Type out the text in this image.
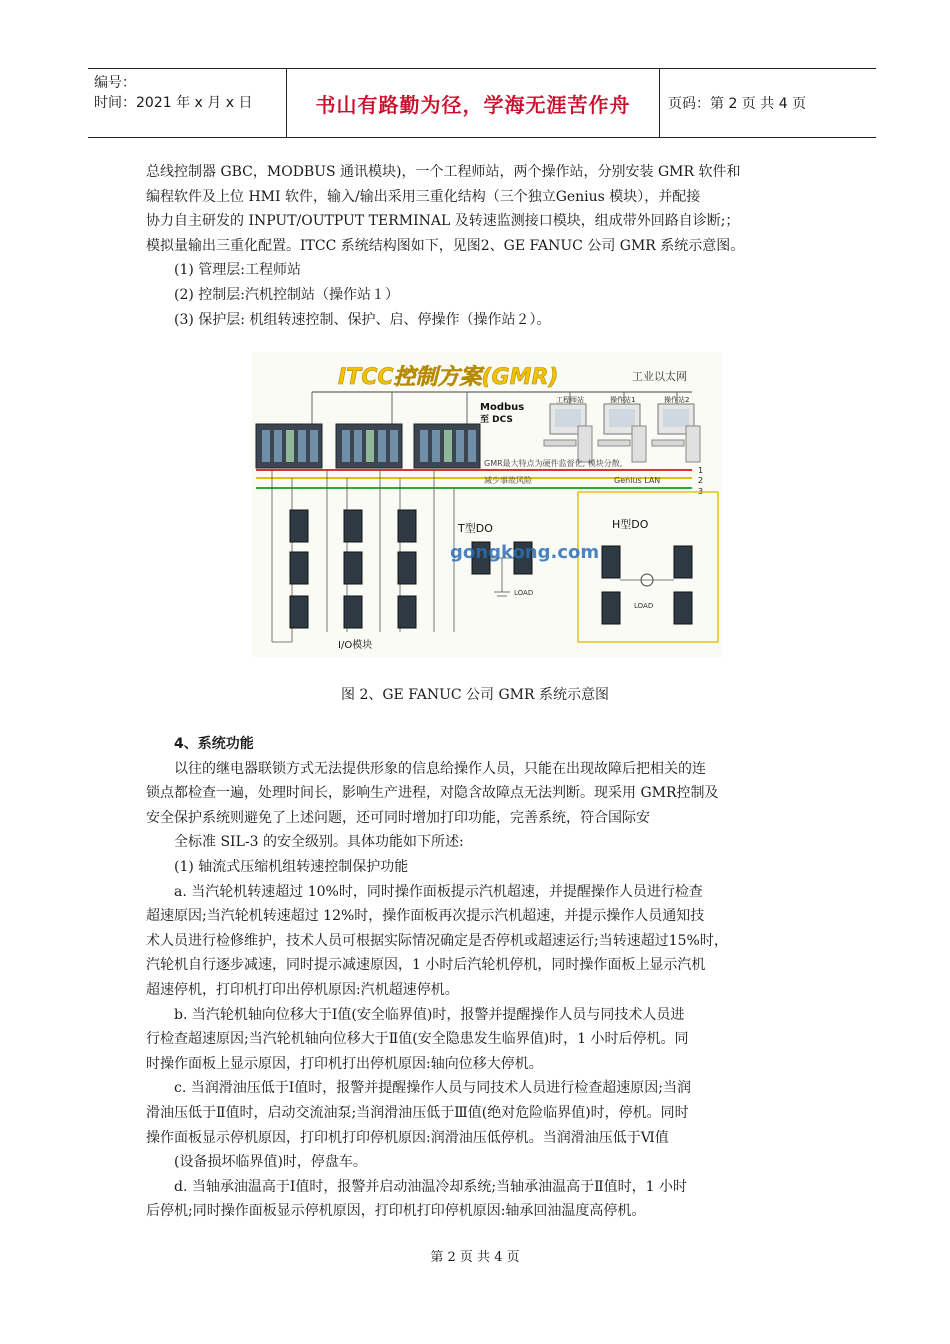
编号：
时间：2021 年 x 月 x 日	书山有路勤为径，学海无涯苦作舟	页码：第 2 页 共 4 页

总线控制器 GBC，MODBUS 通讯模块)，一个工程师站，两个操作站，分别安装 GMR 软件和

编程软件及上位 HMI 软件，输入/输出采用三重化结构（三个独立Genius 模块），并配接

协力自主研发的 INPUT/OUTPUT TERMINAL 及转速监测接口模块，组成带外回路自诊断;；

模拟量输出三重化配置。ITCC 系统结构图如下，见图2、GE FANUC 公司 GMR 系统示意图。

(1) 管理层:工程师站

(2) 控制层:汽机控制站（操作站１）

(3) 保护层: 机组转速控制、保护、启、停操作（操作站２）。

ITCC控制方案(GMR)	工业以太网
Modbus
至 DCS
工程师站	操作站1	操作站2
GMR最大特点为硬件监督化, 模块分散,
减少事故风险	Genius LAN
1
2
3
I/O模块
T型DO
LOAD
H型DO
LOAD
gongkong.com
图 2、GE FANUC 公司 GMR 系统示意图

4、系统功能

以往的继电器联锁方式无法提供形象的信息给操作人员，只能在出现故障后把相关的连

锁点都检查一遍，处理时间长，影响生产进程，对隐含故障点无法判断。现采用 GMR控制及

安全保护系统则避免了上述问题，还可同时增加打印功能，完善系统，符合国际安

全标准 SIL-3 的安全级别。具体功能如下所述:

(1) 轴流式压缩机组转速控制保护功能

a. 当汽轮机转速超过 10%时，同时操作面板提示汽机超速，并提醒操作人员进行检查

超速原因;当汽轮机转速超过 12%时，操作面板再次提示汽机超速，并提示操作人员通知技

术人员进行检修维护，技术人员可根据实际情况确定是否停机或超速运行;当转速超过15%时，

汽轮机自行逐步减速，同时提示减速原因，1 小时后汽轮机停机，同时操作面板上显示汽机

超速停机，打印机打印出停机原因:汽机超速停机。

b. 当汽轮机轴向位移大于Ⅰ值(安全临界值)时，报警并提醒操作人员与同技术人员进

行检查超速原因;当汽轮机轴向位移大于Ⅱ值(安全隐患发生临界值)时，1 小时后停机。同

时操作面板上显示原因，打印机打出停机原因:轴向位移大停机。

c. 当润滑油压低于Ⅰ值时，报警并提醒操作人员与同技术人员进行检查超速原因;当润

滑油压低于Ⅱ值时，启动交流油泵;当润滑油压低于Ⅲ值(绝对危险临界值)时，停机。同时

操作面板显示停机原因，打印机打印停机原因:润滑油压低停机。当润滑油压低于Ⅵ值

(设备损坏临界值)时，停盘车。

d. 当轴承油温高于Ⅰ值时，报警并启动油温冷却系统;当轴承油温高于Ⅱ值时，1 小时

后停机;同时操作面板显示停机原因，打印机打印停机原因:轴承回油温度高停机。

第 2 页 共 4 页
